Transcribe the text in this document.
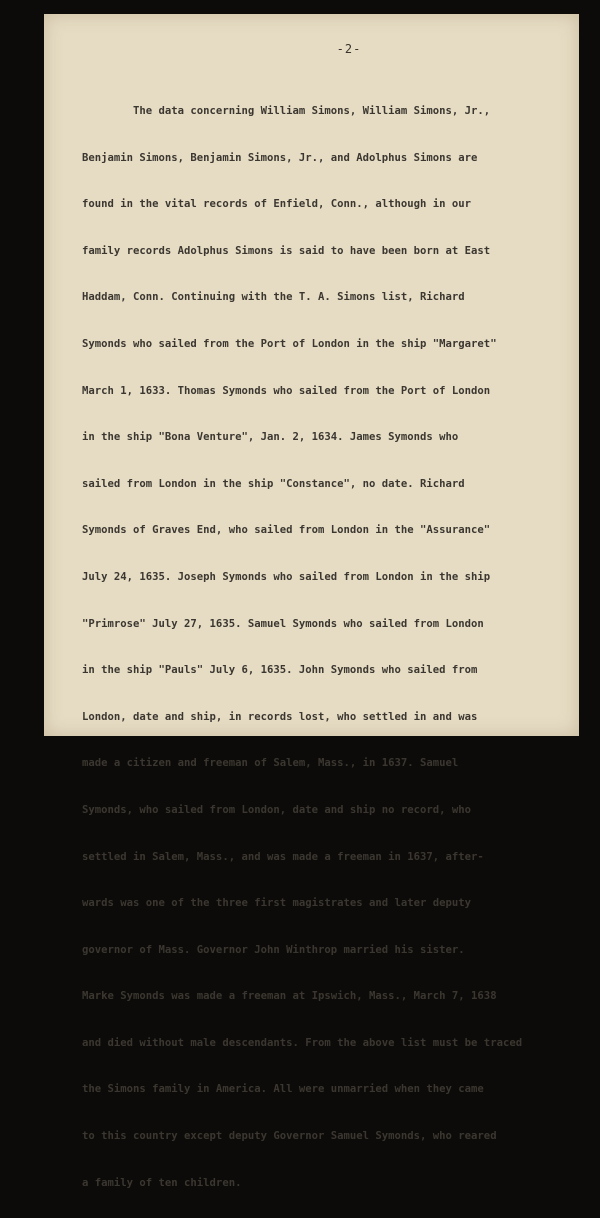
-2-

The data concerning William Simons, William Simons, Jr.,

Benjamin Simons, Benjamin Simons, Jr., and Adolphus Simons are

found in the vital records of Enfield, Conn., although in our

family records Adolphus Simons is said to have been born at East

Haddam, Conn. Continuing with the T. A. Simons list, Richard

Symonds who sailed from the Port of London in the ship "Margaret"

March 1, 1633. Thomas Symonds who sailed from the Port of London

in the ship "Bona Venture", Jan. 2, 1634. James Symonds who

sailed from London in the ship "Constance", no date. Richard

Symonds of Graves End, who sailed from London in the "Assurance"

July 24, 1635. Joseph Symonds who sailed from London in the ship

"Primrose" July 27, 1635. Samuel Symonds who sailed from London

in the ship "Pauls" July 6, 1635. John Symonds who sailed from

London, date and ship, in records lost, who settled in and was

made a citizen and freeman of Salem, Mass., in 1637. Samuel

Symonds, who sailed from London, date and ship no record, who

settled in Salem, Mass., and was made a freeman in 1637, after-

wards was one of the three first magistrates and later deputy

governor of Mass. Governor John Winthrop married his sister.

Marke Symonds was made a freeman at Ipswich, Mass., March 7, 1638

and died without male descendants. From the above list must be traced

the Simons family in America. All were unmarried when they came

to this country except deputy Governor Samuel Symonds, who reared

a family of ten children.
